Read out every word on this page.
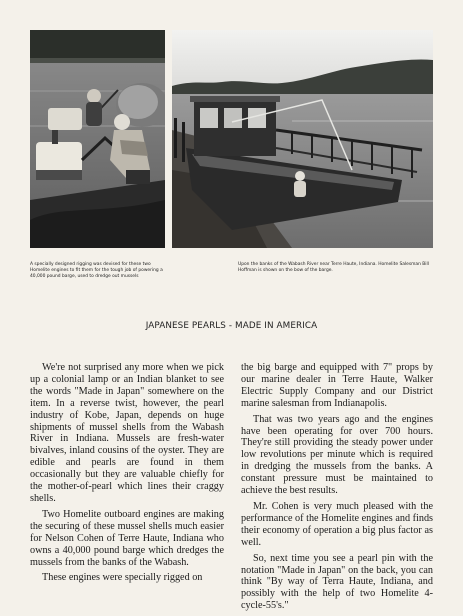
A specially designed rigging was devised for these two Homelite engines to fit them for the tough job of powering a 40,000 pound barge, used to dredge out mussels
Upon the banks of the Wabash River near Terre Haute, Indiana. Homelite Salesman Bill Hoffman is shown on the bow of the barge.
JAPANESE PEARLS - MADE IN AMERICA

We're not surprised any more when we pick up a colonial lamp or an Indian blanket to see the words "Made in Japan" somewhere on the item. In a reverse twist, however, the pearl industry of Kobe, Japan, depends on huge shipments of mussel shells from the Wabash River in Indiana. Mussels are fresh-water bivalves, inland cousins of the oyster. They are edible and pearls are found in them occasionally but they are valuable chiefly for the mother-of-pearl which lines their craggy shells.

Two Homelite outboard engines are making the securing of these mussel shells much easier for Nelson Cohen of Terre Haute, Indiana who owns a 40,000 pound barge which dredges the mussels from the banks of the Wabash.

These engines were specially rigged on

the big barge and equipped with 7" props by our marine dealer in Terre Haute, Walker Electric Supply Company and our District marine salesman from Indianapolis.

That was two years ago and the engines have been operating for over 700 hours. They're still providing the steady power under low revolutions per minute which is required in dredging the mussels from the banks. A constant pressure must be maintained to achieve the best results.

Mr. Cohen is very much pleased with the performance of the Homelite engines and finds their economy of operation a big plus factor as well.

So, next time you see a pearl pin with the notation "Made in Japan" on the back, you can think "By way of Terra Haute, Indiana, and possibly with the help of two Homelite 4-cycle-55's."
